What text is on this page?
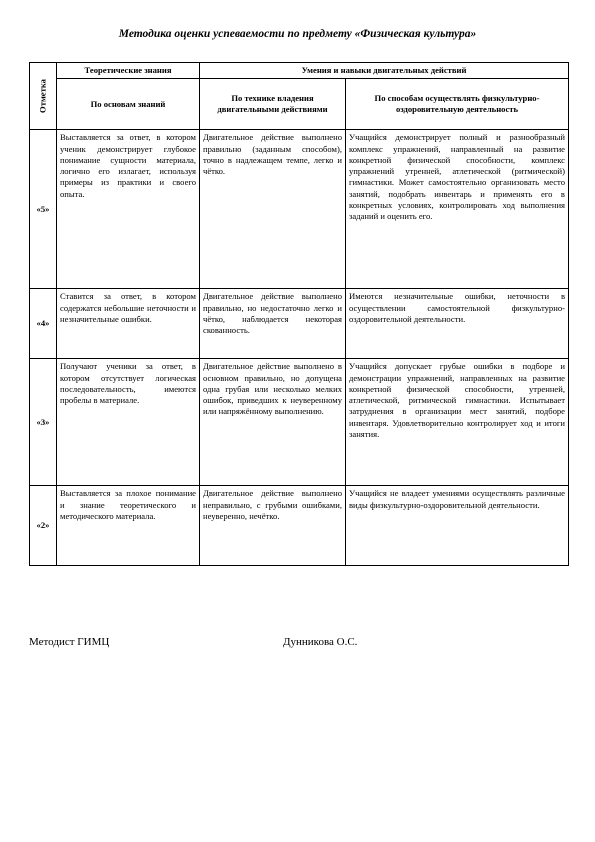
Методика оценки успеваемости по предмету «Физическая культура»
Отметка	Теоретические знания	Умения и навыки двигательных действий	
	По основам знаний	По технике владения двигательными действиями	По способам осуществлять физкультурно-оздоровительную деятельность
«5»	Выставляется за ответ, в котором ученик демонстрирует глубокое понимание сущности материала, логично его излагает, используя примеры из практики и своего опыта.	Двигательное действие выполнено правильно (заданным способом), точно в надлежащем темпе, легко и чётко.	Учащийся демонстрирует полный и разнообразный комплекс упражнений, направленный на развитие конкретной физической способности, комплекс упражнений утренней, атлетической (ритмической) гимнастики. Может самостоятельно организовать место занятий, подобрать инвентарь и применять его в конкретных условиях, контролировать ход выполнения заданий и оценить его.
«4»	Ставится за ответ, в котором содержатся небольшие неточности и незначительные ошибки.	Двигательное действие выполнено правильно, но недостаточно легко и чётко, наблюдается некоторая скованность.	Имеются незначительные ошибки, неточности в осуществлении самостоятельной физкультурно-оздоровительной деятельности.
«3»	Получают ученики за ответ, в котором отсутствует логическая последовательность, имеются пробелы в материале.	Двигательное действие выполнено в основном правильно, но допущена одна грубая или несколько мелких ошибок, приведших к неуверенному или напряжённому выполнению.	Учащийся допускает грубые ошибки в подборе и демонстрации упражнений, направленных на развитие конкретной физической способности, утренней, атлетической, ритмической гимнастики. Испытывает затруднения в организации мест занятий, подборе инвентаря. Удовлетворительно контролирует ход и итоги занятия.
«2»	Выставляется за плохое понимание и знание теоретического и методического материала.	Двигательное действие выполнено неправильно, с грубыми ошибками, неуверенно, нечётко.	Учащийся не владеет умениями осуществлять различные виды физкультурно-оздоровительной деятельности.
Методист ГИМЦ	Дунникова О.С.
